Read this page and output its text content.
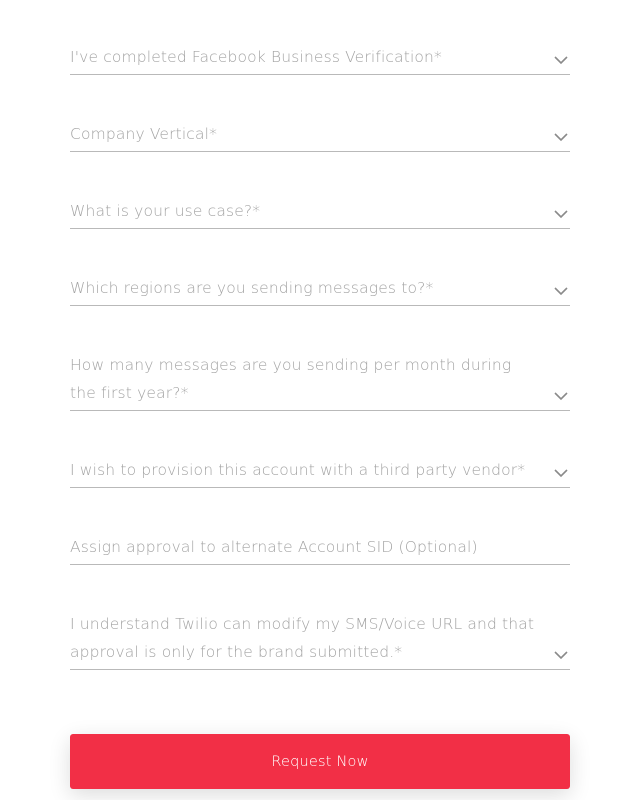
I've completed Facebook Business Verification*
Company Vertical*
What is your use case?*
Which regions are you sending messages to?*
How many messages are you sending per month during the first year?*
I wish to provision this account with a third party vendor*
Assign approval to alternate Account SID (Optional)
I understand Twilio can modify my SMS/Voice URL and that approval is only for the brand submitted.*
Request Now
